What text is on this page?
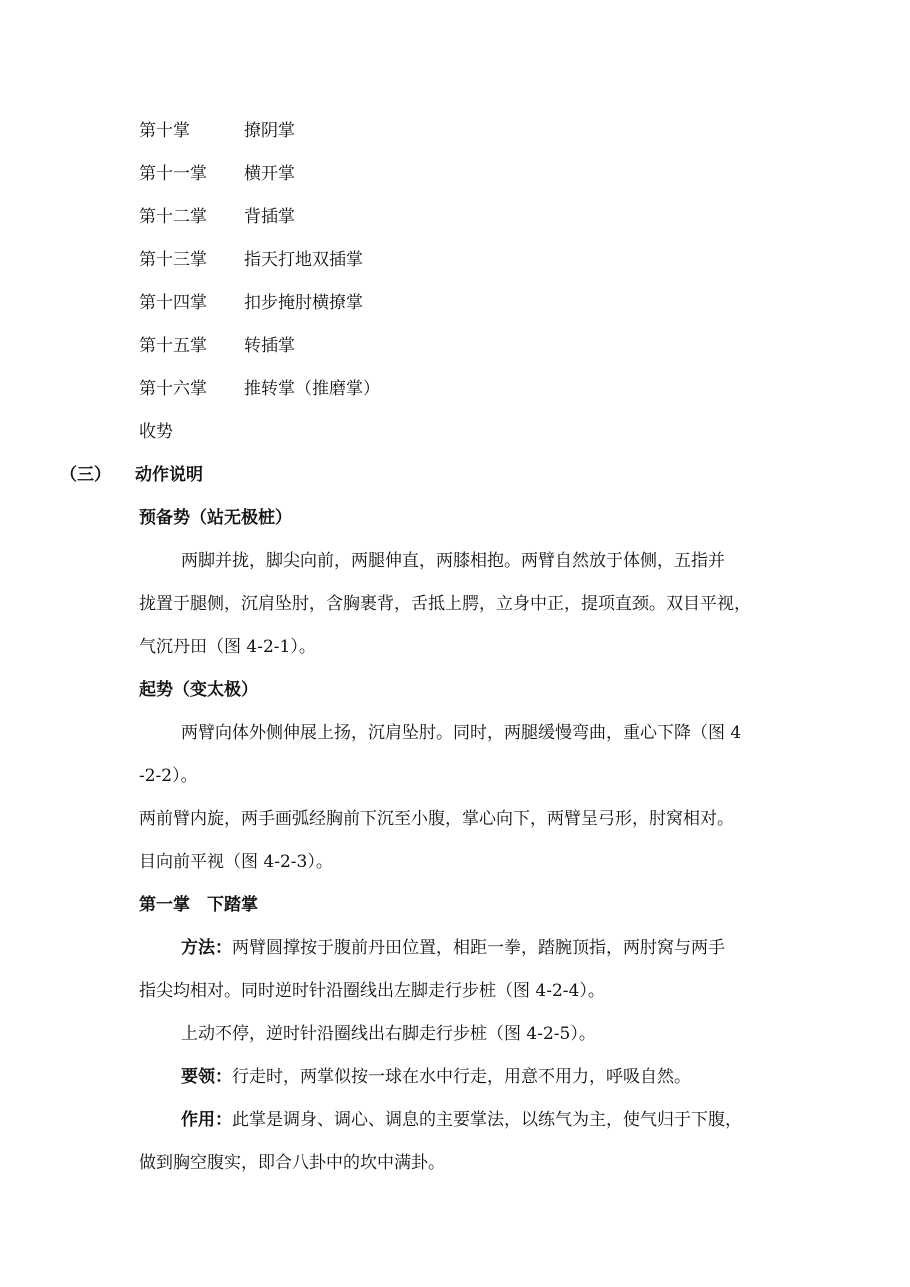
第十掌	撩阴掌
第十一掌 横开掌
第十二掌 背插掌
第十三掌 指天打地双插掌
第十四掌 扣步掩肘横撩掌
第十五掌 转插掌
第十六掌 推转掌（推磨掌）
收势
（三） 动作说明
预备势（站无极桩）
两脚并拢，脚尖向前，两腿伸直，两膝相抱。两臂自然放于体侧，五指并
拢置于腿侧，沉肩坠肘，含胸裹背，舌抵上腭，立身中正，提项直颈。双目平视，
气沉丹田（图 4-2-1）。
起势（变太极）
两臂向体外侧伸展上扬，沉肩坠肘。同时，两腿缓慢弯曲，重心下降（图 4
-2-2）。
两前臂内旋，两手画弧经胸前下沉至小腹，掌心向下，两臂呈弓形，肘窝相对。
目向前平视（图 4-2-3）。
第一掌　下踏掌
方法：两臂圆撑按于腹前丹田位置，相距一拳，踏腕顶指，两肘窝与两手
指尖均相对。同时逆时针沿圈线出左脚走行步桩（图 4-2-4）。
上动不停，逆时针沿圈线出右脚走行步桩（图 4-2-5）。
要领：行走时，两掌似按一球在水中行走，用意不用力，呼吸自然。
作用：此掌是调身、调心、调息的主要掌法，以练气为主，使气归于下腹，
做到胸空腹实，即合八卦中的坎中满卦。
